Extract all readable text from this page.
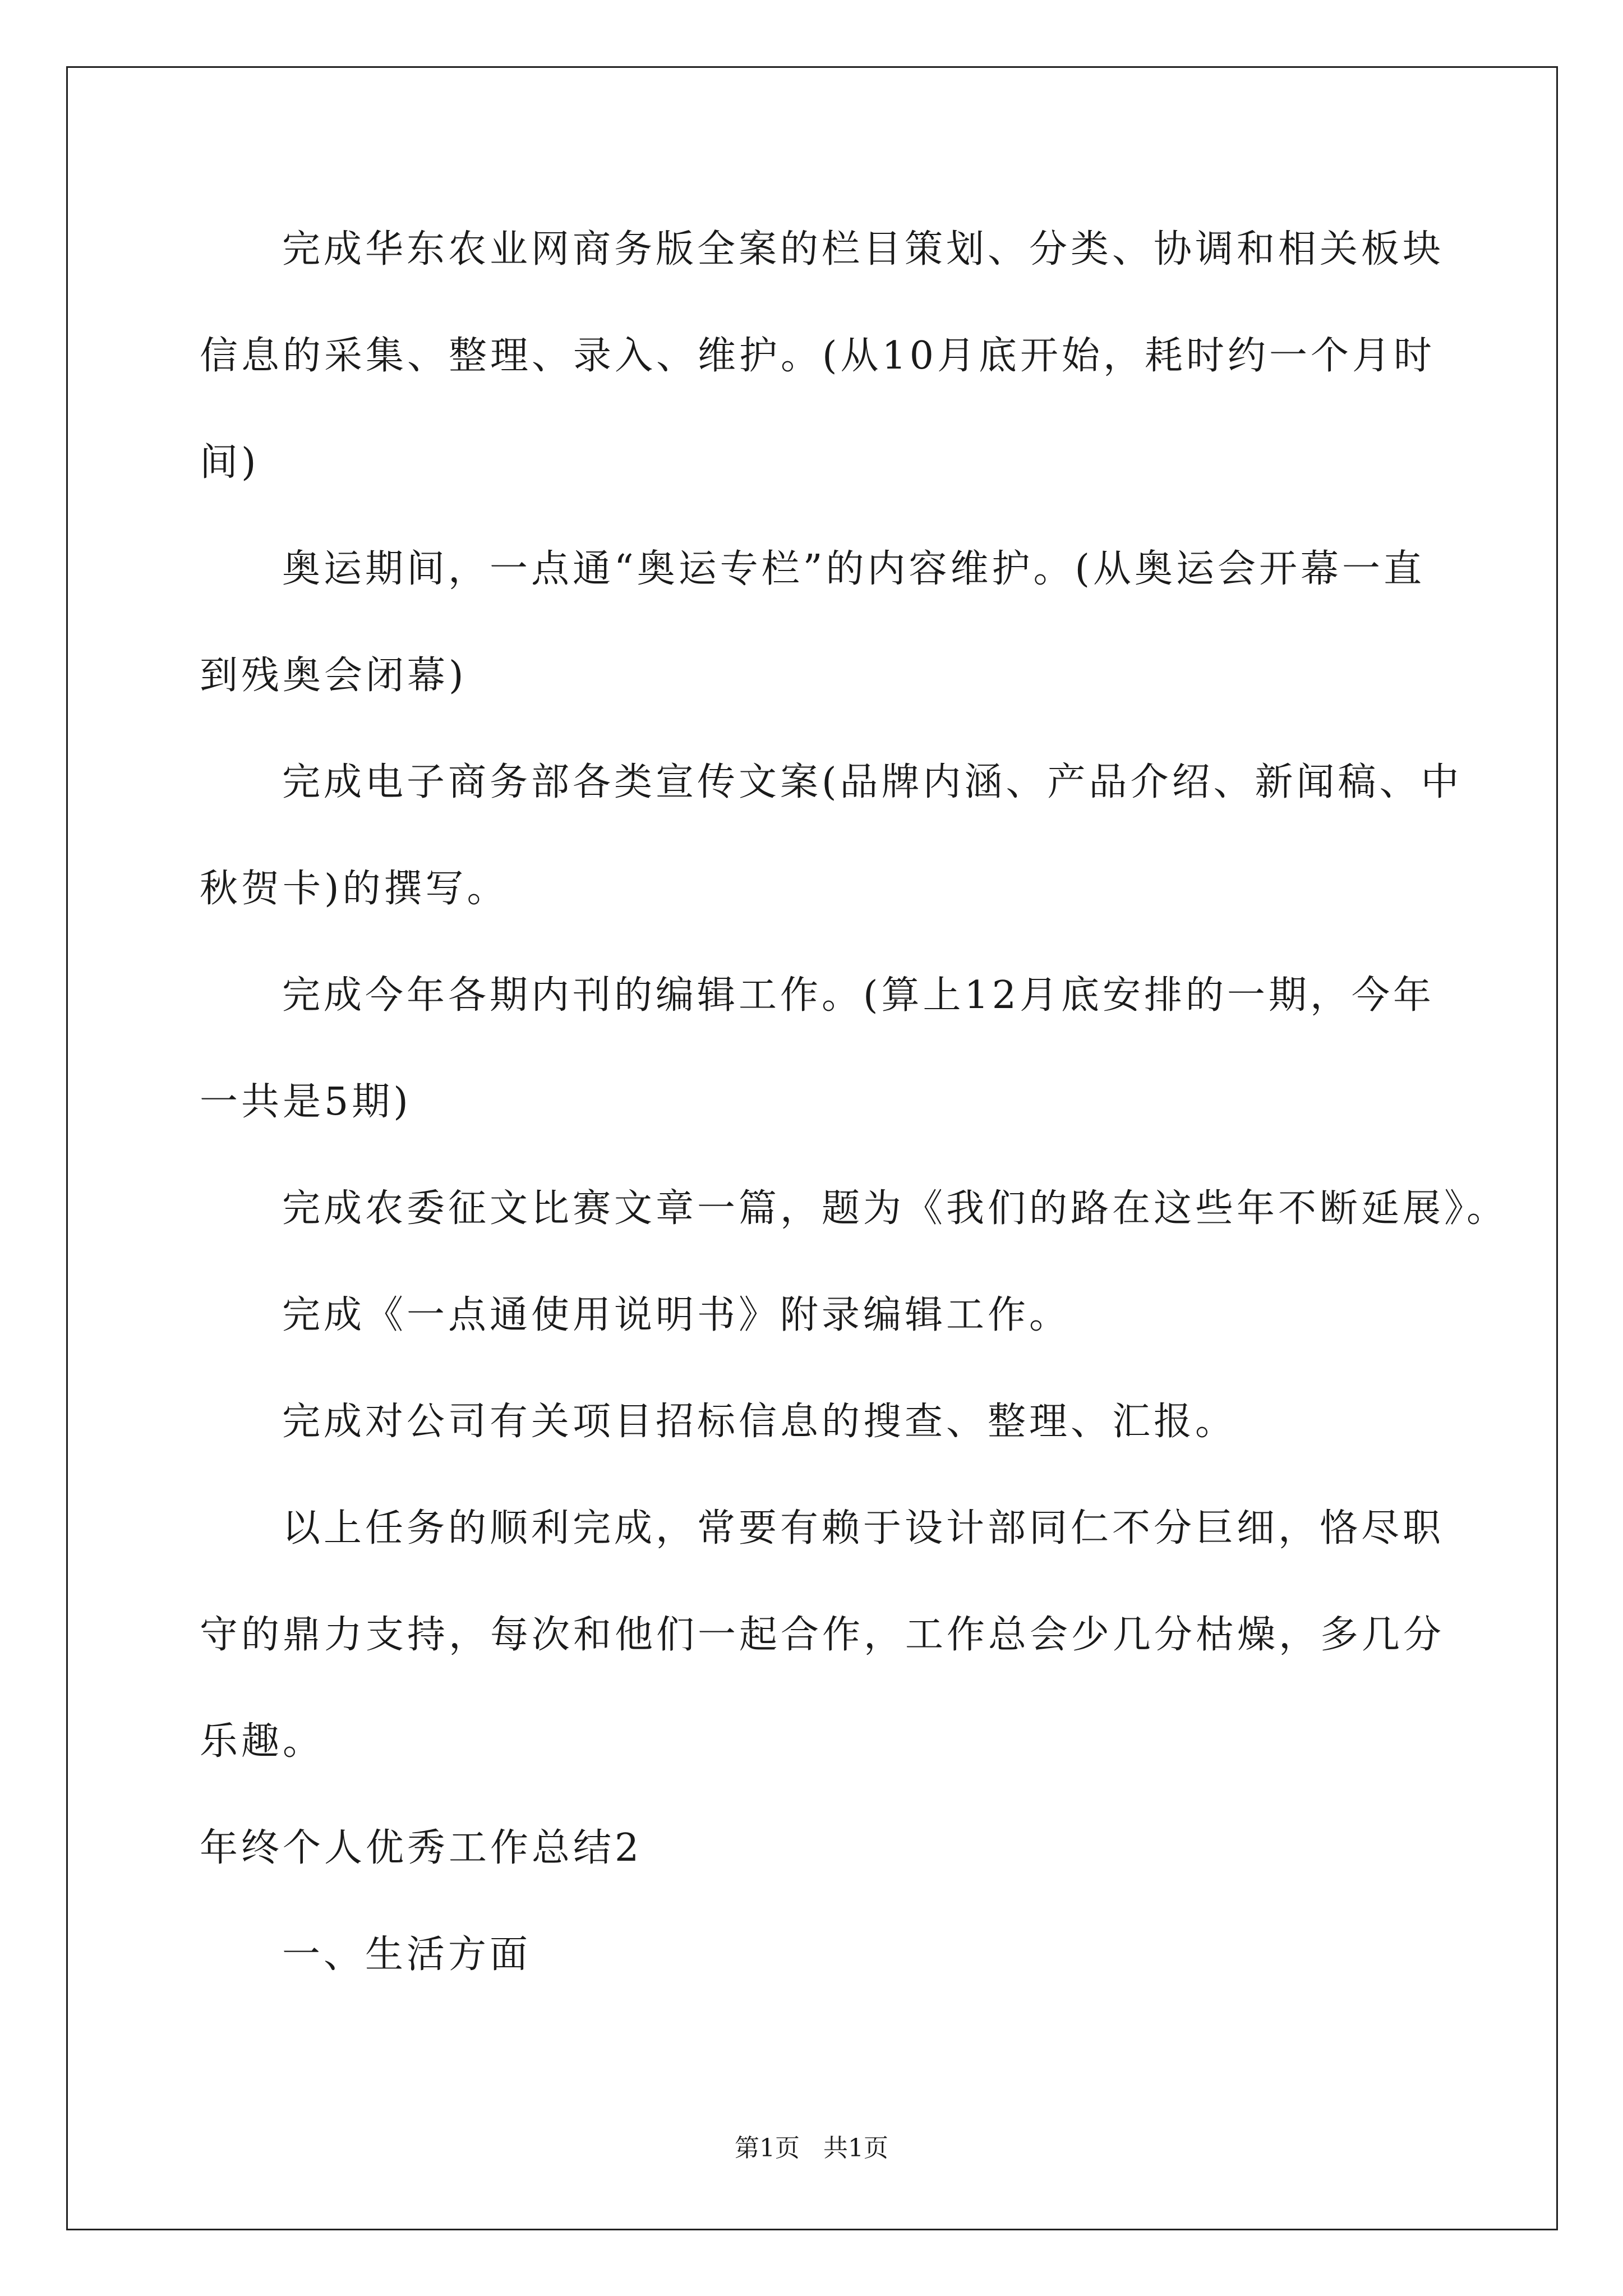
完成华东农业网商务版全案的栏目策划、分类、协调和相关板块
信息的采集、整理、录入、维护。(从10月底开始，耗时约一个月时
间)
奥运期间，一点通“奥运专栏”的内容维护。(从奥运会开幕一直
到残奥会闭幕)
完成电子商务部各类宣传文案(品牌内涵、产品介绍、新闻稿、中
秋贺卡)的撰写。
完成今年各期内刊的编辑工作。(算上12月底安排的一期，今年
一共是5期)
完成农委征文比赛文章一篇，题为《我们的路在这些年不断延展》。
完成《一点通使用说明书》附录编辑工作。
完成对公司有关项目招标信息的搜查、整理、汇报。
以上任务的顺利完成，常要有赖于设计部同仁不分巨细，恪尽职
守的鼎力支持，每次和他们一起合作，工作总会少几分枯燥，多几分
乐趣。
年终个人优秀工作总结2
一、生活方面
第1页 共1页
